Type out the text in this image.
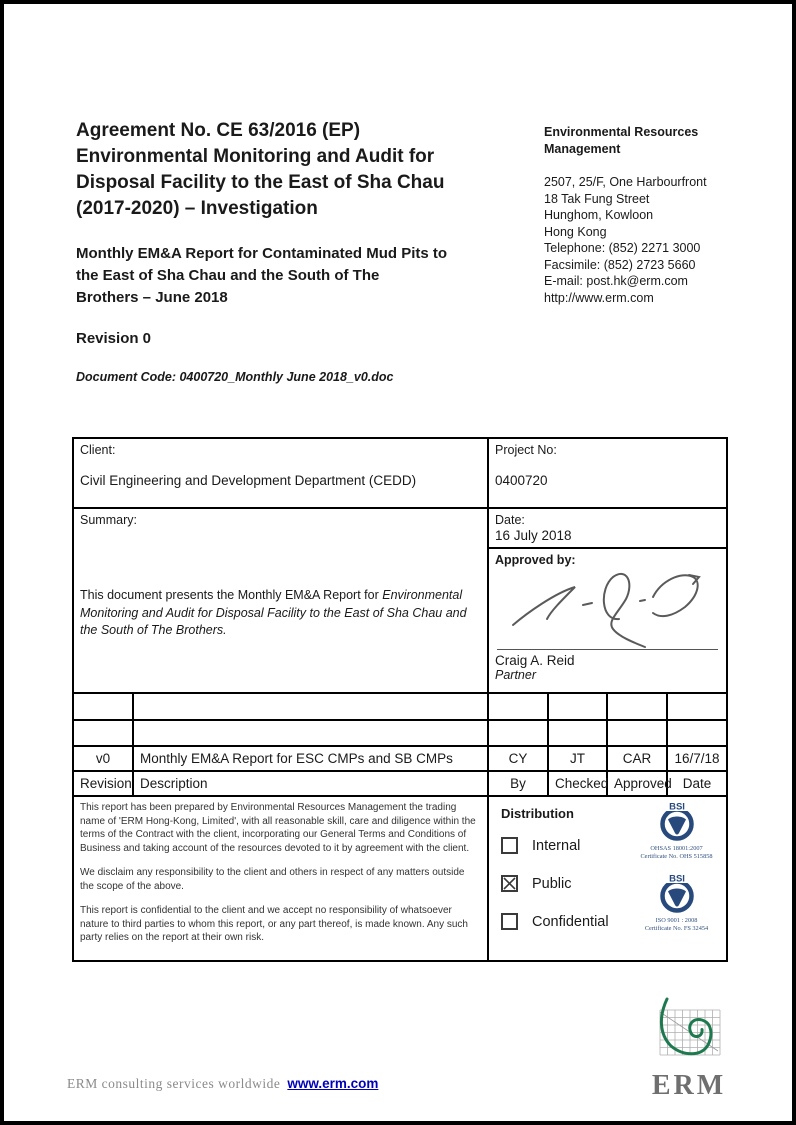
Agreement No. CE 63/2016 (EP)
Environmental Monitoring and Audit for
Disposal Facility to the East of Sha Chau
(2017-2020) – Investigation
Monthly EM&A Report for Contaminated Mud Pits to
the East of Sha Chau and the South of The
Brothers – June 2018
Revision 0
Document Code: 0400720_Monthly June 2018_v0.doc
Environmental Resources
Management
2507, 25/F, One Harbourfront
18 Tak Fung Street
Hunghom, Kowloon
Hong Kong
Telephone: (852) 2271 3000
Facsimile: (852) 2723 5660
E-mail: post.hk@erm.com
http://www.erm.com
Client:
Civil Engineering and Development Department (CEDD)

Project No:
0400720

Summary:
This document presents the Monthly EM&A Report for Environmental Monitoring and Audit for Disposal Facility to the East of Sha Chau and the South of The Brothers.

Date:
16 July 2018

		Approved by:
Craig A. Reid
Partner			

v0	Monthly EM&A Report for ESC CMPs and SB CMPs	CY	JT	CAR	16/7/18
Revision	Description	By	Checked	Approved	Date

This report has been prepared by Environmental Resources Management the trading name of 'ERM Hong-Kong, Limited', with all reasonable skill, care and diligence within the terms of the Contract with the client, incorporating our General Terms and Conditions of Business and taking account of the resources devoted to it by agreement with the client.

We disclaim any responsibility to the client and others in respect of any matters outside the scope of the above.

This report is confidential to the client and we accept no responsibility of whatsoever nature to third parties to whom this report, or any part thereof, is made known. Any such party relies on the report at their own risk.

Distribution
Internal
Public
Confidential
BSI
OHSAS 18001:2007
Certificate No. OHS 515858
BSI
ISO 9001 : 2008
Certificate No. FS 32454
ERM
ERM consulting services worldwide www.erm.com
